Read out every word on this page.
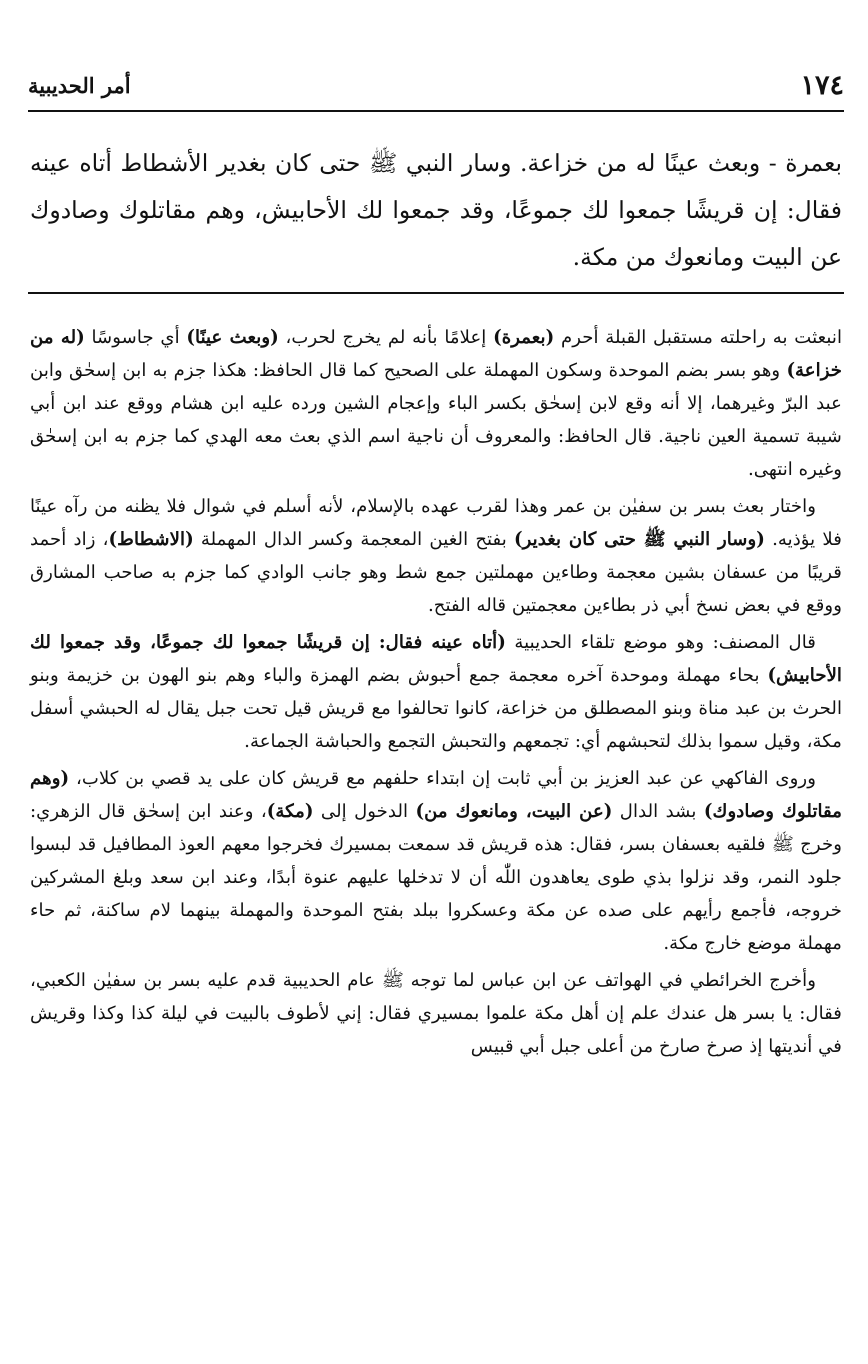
١٧٤
أمر الحديبية

بعمرة - وبعث عينًا له من خزاعة. وسار النبي ﷺ حتى كان بغدير الأشطاط أتاه عينه فقال: إن قريشًا جمعوا لك جموعًا، وقد جمعوا لك الأحابيش، وهم مقاتلوك وصادوك عن البيت ومانعوك من مكة.

انبعثت به راحلته مستقبل القبلة أحرم (بعمرة) إعلامًا بأنه لم يخرج لحرب، (وبعث عينًا) أي جاسوسًا (له من خزاعة) وهو بسر بضم الموحدة وسكون المهملة على الصحيح كما قال الحافظ: هكذا جزم به ابن إسحٰق وابن عبد البرّ وغيرهما، إلا أنه وقع لابن إسحٰق بكسر الباء وإعجام الشين ورده عليه ابن هشام ووقع عند ابن أبي شيبة تسمية العين ناجية. قال الحافظ: والمعروف أن ناجية اسم الذي بعث معه الهدي كما جزم به ابن إسحٰق وغيره انتهى.

واختار بعث بسر بن سفيٰن بن عمر وهذا لقرب عهده بالإسلام، لأنه أسلم في شوال فلا يظنه من رآه عينًا فلا يؤذيه. (وسار النبي ﷺ حتى كان بغدير) بفتح الغين المعجمة وكسر الدال المهملة (الاشطاط)، زاد أحمد قريبًا من عسفان بشين معجمة وطاءين مهملتين جمع شط وهو جانب الوادي كما جزم به صاحب المشارق ووقع في بعض نسخ أبي ذر بطاءين معجمتين قاله الفتح.

قال المصنف: وهو موضع تلقاء الحديبية (أتاه عينه فقال: إن قريشًا جمعوا لك جموعًا، وقد جمعوا لك الأحابيش) بحاء مهملة وموحدة آخره معجمة جمع أحبوش بضم الهمزة والباء وهم بنو الهون بن خزيمة وبنو الحرث بن عبد مناة وبنو المصطلق من خزاعة، كانوا تحالفوا مع قريش قيل تحت جبل يقال له الحبشي أسفل مكة، وقيل سموا بذلك لتحبشهم أي: تجمعهم والتحبش التجمع والحباشة الجماعة.

وروى الفاكهي عن عبد العزيز بن أبي ثابت إن ابتداء حلفهم مع قريش كان على يد قصي بن كلاب، (وهم مقاتلوك وصادوك) بشد الدال (عن البيت، ومانعوك من) الدخول إلى (مكة)، وعند ابن إسحٰق قال الزهري: وخرج ﷺ فلقيه بعسفان بسر، فقال: هذه قريش قد سمعت بمسيرك فخرجوا معهم العوذ المطافيل قد لبسوا جلود النمر، وقد نزلوا بذي طوى يعاهدون اللّٰه أن لا تدخلها عليهم عنوة أبدًا، وعند ابن سعد وبلغ المشركين خروجه، فأجمع رأيهم على صده عن مكة وعسكروا ببلد بفتح الموحدة والمهملة بينهما لام ساكنة، ثم حاء مهملة موضع خارج مكة.

وأخرج الخرائطي في الهواتف عن ابن عباس لما توجه ﷺ عام الحديبية قدم عليه بسر بن سفيٰن الكعبي، فقال: يا بسر هل عندك علم إن أهل مكة علموا بمسيري فقال: إني لأطوف بالبيت في ليلة كذا وكذا وقريش في أنديتها إذ صرخ صارخ من أعلى جبل أبي قبيس
